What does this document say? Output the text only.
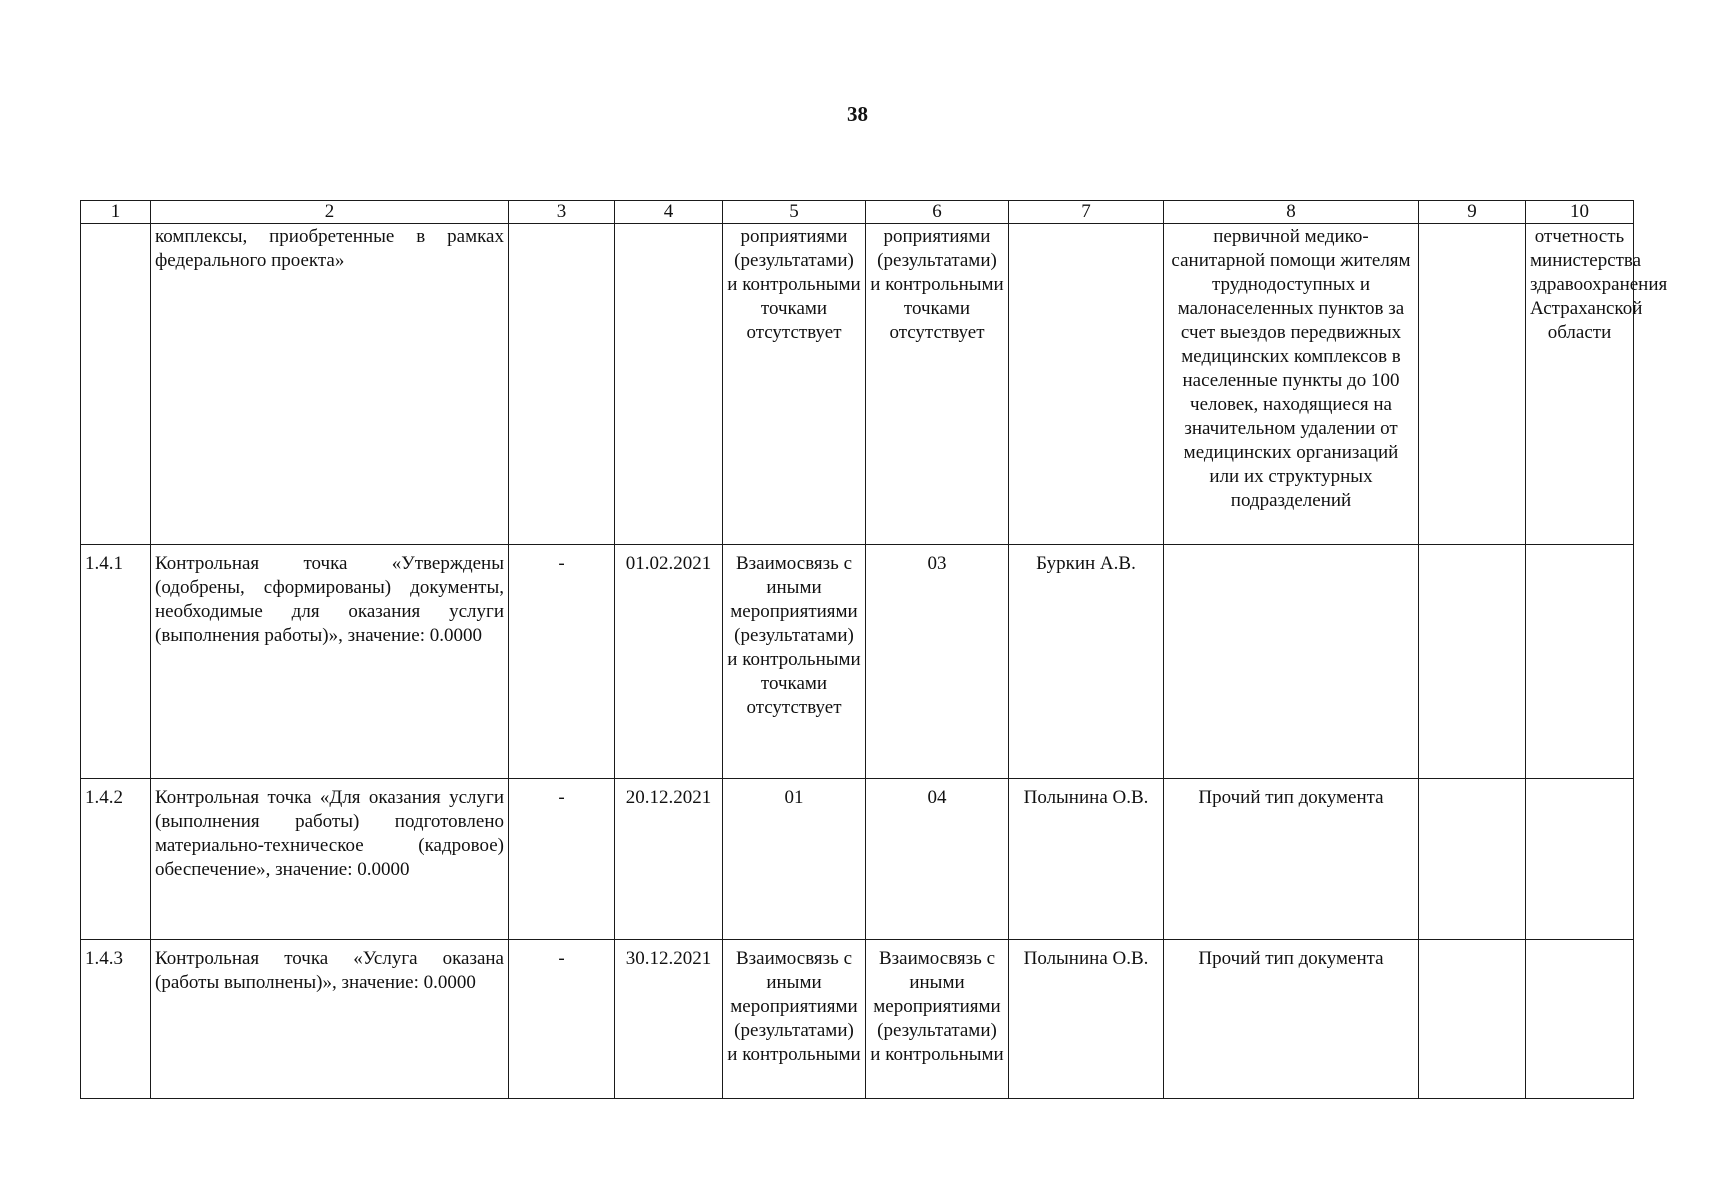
38
1	2	3	4	5	6	7	8	9	10
	комплексы, приобретенные в рамках федерального проекта»			роприятиями (результатами) и контрольными точками отсутствует	роприятиями (результатами) и контрольными точками отсутствует		первичной медико-санитарной помощи жителям труднодоступных и малонаселенных пунктов за счет выездов передвижных медицинских комплексов в населенные пункты до 100 человек, находящиеся на значительном удалении от медицинских организаций или их структурных подразделений		отчетность министерства здравоохранения Астраханской области
1.4.1	Контрольная точка «Утверждены (одобрены, сформированы) документы, необходимые для оказания услуги (выполнения работы)», значение: 0.0000	-	01.02.2021	Взаимосвязь с иными мероприятиями (результатами) и контрольными точками отсутствует	03	Буркин А.В.			
1.4.2	Контрольная точка «Для оказания услуги (выполнения работы) подготовлено материально-техническое (кадровое) обеспечение», значение: 0.0000	-	20.12.2021	01	04	Полынина О.В.	Прочий тип документа		
1.4.3	Контрольная точка «Услуга оказана (работы выполнены)», значение: 0.0000	-	30.12.2021	Взаимосвязь с иными мероприятиями (результатами) и контрольными	Взаимосвязь с иными мероприятиями (результатами) и контрольными	Полынина О.В.	Прочий тип документа		
